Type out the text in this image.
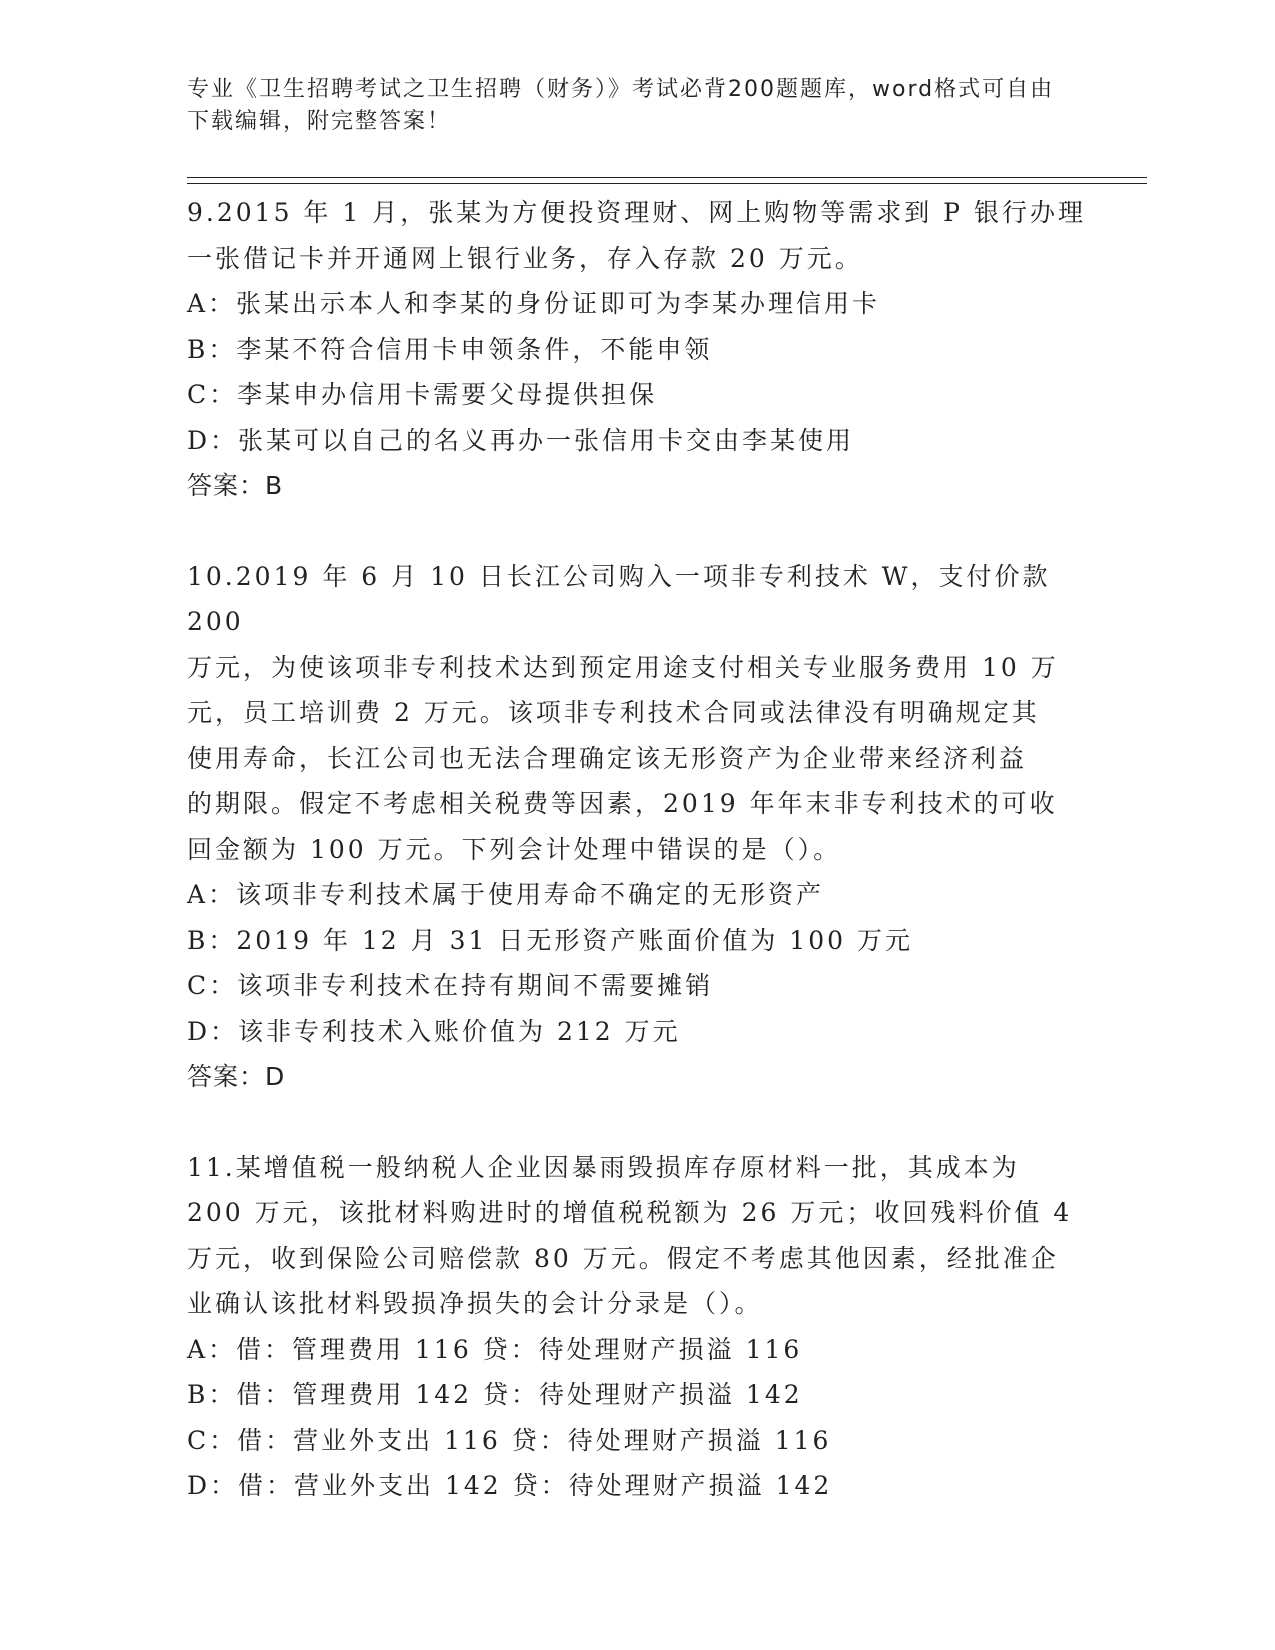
专业《卫生招聘考试之卫生招聘（财务）》考试必背200题题库，word格式可自由下载编辑，附完整答案！
9.2015 年 1 月，张某为方便投资理财、网上购物等需求到 P 银行办理
一张借记卡并开通网上银行业务，存入存款 20 万元。
A：张某出示本人和李某的身份证即可为李某办理信用卡
B：李某不符合信用卡申领条件，不能申领
C：李某申办信用卡需要父母提供担保
D：张某可以自己的名义再办一张信用卡交由李某使用
答案：B
10.2019 年 6 月 10 日长江公司购入一项非专利技术 W，支付价款 200
万元，为使该项非专利技术达到预定用途支付相关专业服务费用 10 万
元，员工培训费 2 万元。该项非专利技术合同或法律没有明确规定其
使用寿命，长江公司也无法合理确定该无形资产为企业带来经济利益
的期限。假定不考虑相关税费等因素，2019 年年末非专利技术的可收
回金额为 100 万元。下列会计处理中错误的是（）。
A：该项非专利技术属于使用寿命不确定的无形资产
B：2019 年 12 月 31 日无形资产账面价值为 100 万元
C：该项非专利技术在持有期间不需要摊销
D：该非专利技术入账价值为 212 万元
答案：D
11.某增值税一般纳税人企业因暴雨毁损库存原材料一批，其成本为
200 万元，该批材料购进时的增值税税额为 26 万元；收回残料价值 4
万元，收到保险公司赔偿款 80 万元。假定不考虑其他因素，经批准企
业确认该批材料毁损净损失的会计分录是（）。
A：借：管理费用 116 贷：待处理财产损溢 116
B：借：管理费用 142 贷：待处理财产损溢 142
C：借：营业外支出 116 贷：待处理财产损溢 116
D：借：营业外支出 142 贷：待处理财产损溢 142
